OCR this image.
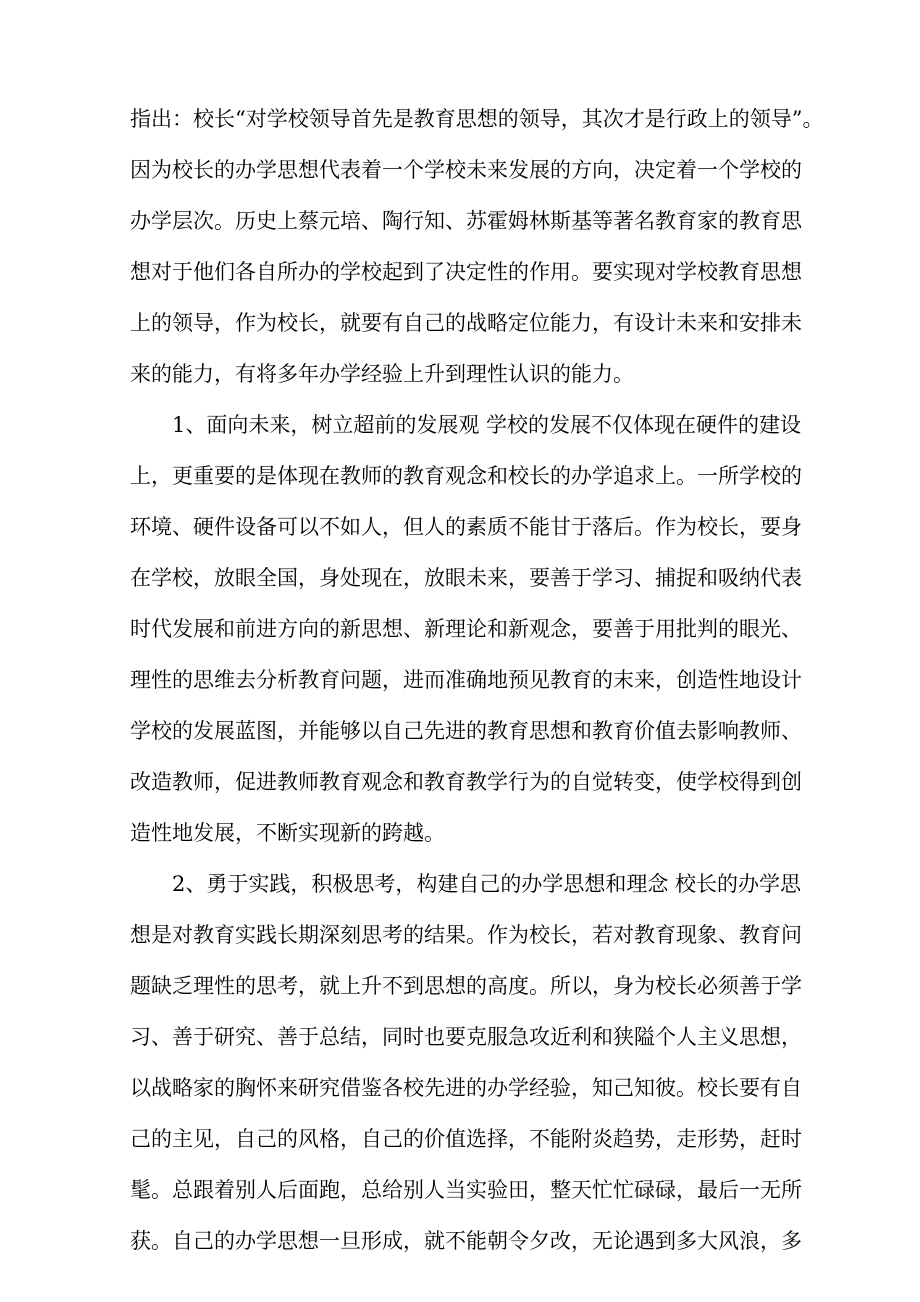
指出：校长“对学校领导首先是教育思想的领导，其次才是行政上的领导”。
因为校长的办学思想代表着一个学校未来发展的方向，决定着一个学校的
办学层次。历史上蔡元培、陶行知、苏霍姆林斯基等著名教育家的教育思
想对于他们各自所办的学校起到了决定性的作用。要实现对学校教育思想
上的领导，作为校长，就要有自己的战略定位能力，有设计未来和安排未
来的能力，有将多年办学经验上升到理性认识的能力。
1、面向未来，树立超前的发展观 学校的发展不仅体现在硬件的建设
上，更重要的是体现在教师的教育观念和校长的办学追求上。一所学校的
环境、硬件设备可以不如人，但人的素质不能甘于落后。作为校长，要身
在学校，放眼全国，身处现在，放眼未来，要善于学习、捕捉和吸纳代表
时代发展和前进方向的新思想、新理论和新观念，要善于用批判的眼光、
理性的思维去分析教育问题，进而准确地预见教育的末来，创造性地设计
学校的发展蓝图，并能够以自己先进的教育思想和教育价值去影响教师、
改造教师，促进教师教育观念和教育教学行为的自觉转变，使学校得到创
造性地发展，不断实现新的跨越。
2、勇于实践，积极思考，构建自己的办学思想和理念 校长的办学思
想是对教育实践长期深刻思考的结果。作为校长，若对教育现象、教育问
题缺乏理性的思考，就上升不到思想的高度。所以，身为校长必须善于学
习、善于研究、善于总结，同时也要克服急攻近利和狭隘个人主义思想，
以战略家的胸怀来研究借鉴各校先进的办学经验，知己知彼。校长要有自
己的主见，自己的风格，自己的价值选择，不能附炎趋势，走形势，赶时
髦。总跟着别人后面跑，总给别人当实验田，整天忙忙碌碌，最后一无所
获。自己的办学思想一旦形成，就不能朝令夕改，无论遇到多大风浪，多
